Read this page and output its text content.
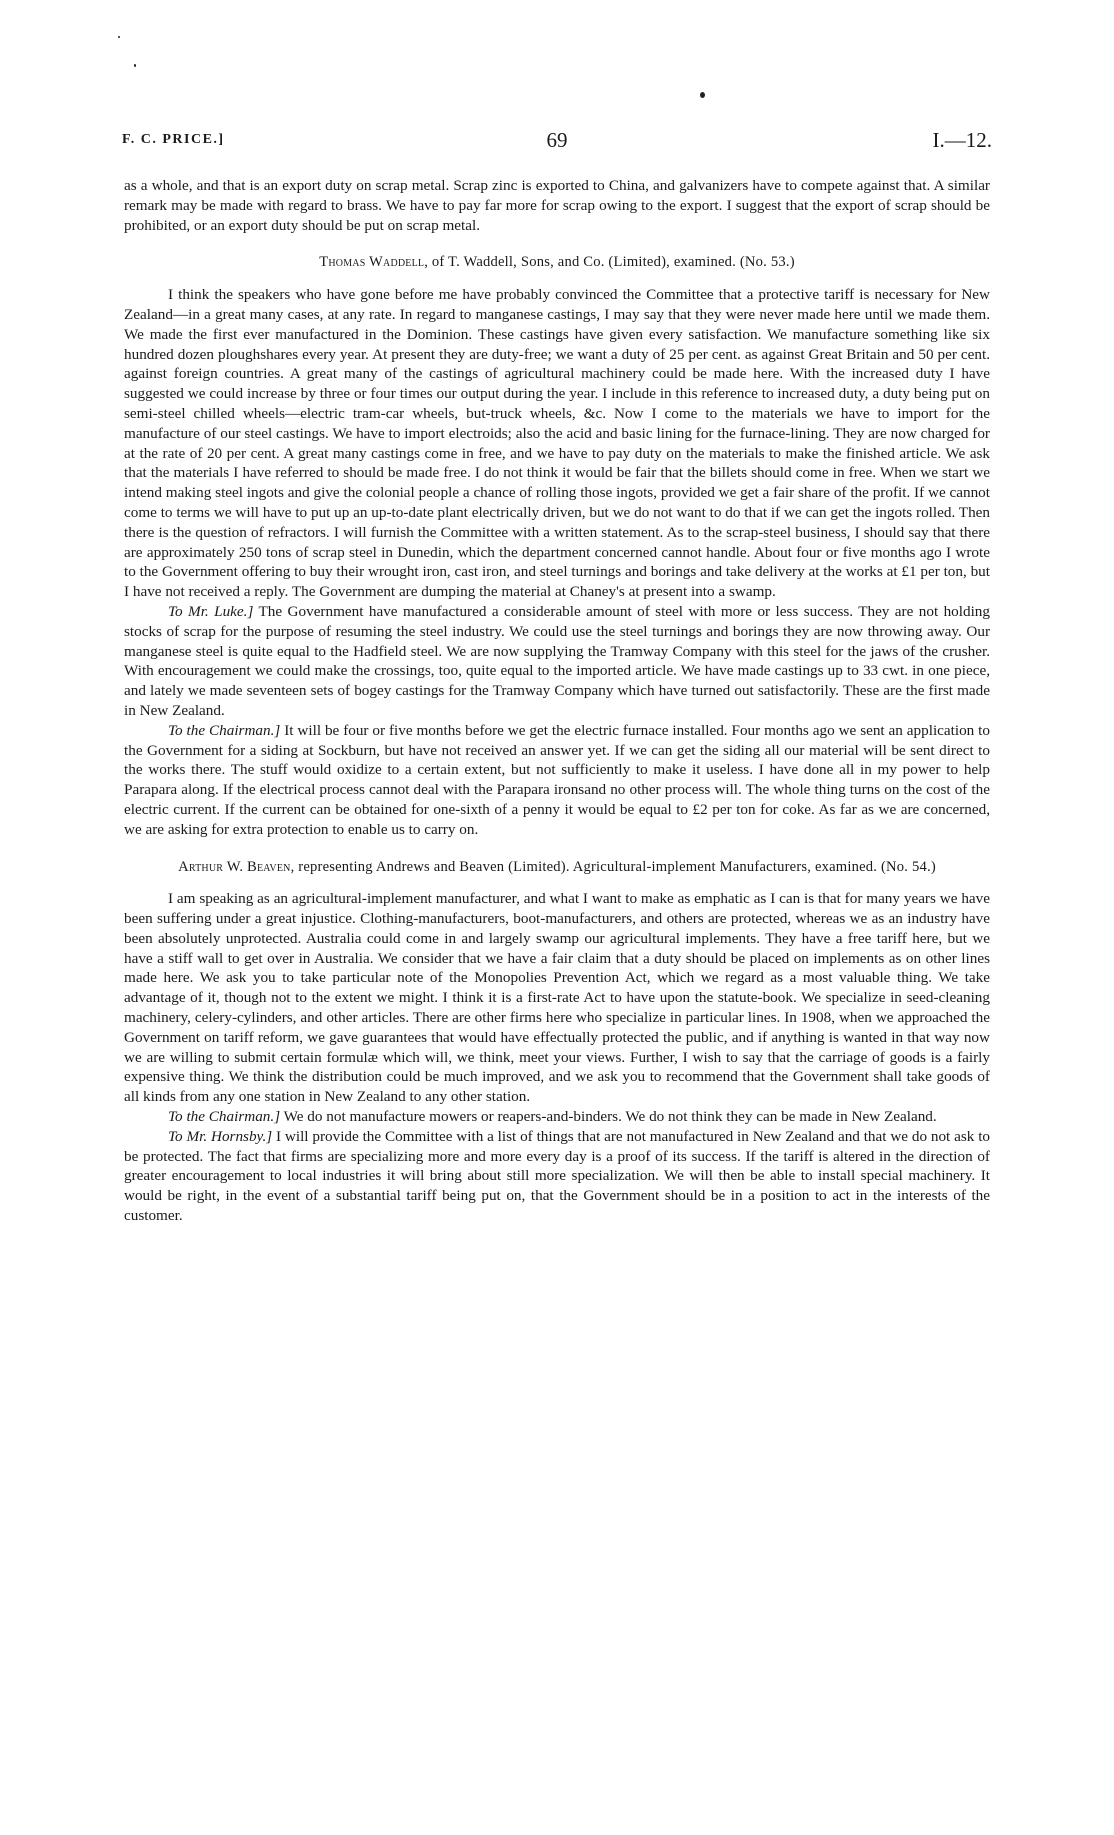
F. C. PRICE.]	69	I.—12.

as a whole, and that is an export duty on scrap metal. Scrap zinc is exported to China, and galvanizers have to compete against that. A similar remark may be made with regard to brass. We have to pay far more for scrap owing to the export. I suggest that the export of scrap should be prohibited, or an export duty should be put on scrap metal.

Thomas Waddell, of T. Waddell, Sons, and Co. (Limited), examined. (No. 53.)

I think the speakers who have gone before me have probably convinced the Committee that a protective tariff is necessary for New Zealand—in a great many cases, at any rate. In regard to manganese castings, I may say that they were never made here until we made them. We made the first ever manufactured in the Dominion. These castings have given every satisfaction. We manufacture something like six hundred dozen ploughshares every year. At present they are duty-free; we want a duty of 25 per cent. as against Great Britain and 50 per cent. against foreign countries. A great many of the castings of agricultural machinery could be made here. With the increased duty I have suggested we could increase by three or four times our output during the year. I include in this reference to increased duty, a duty being put on semi-steel chilled wheels—electric tram-car wheels, but-truck wheels, &c. Now I come to the materials we have to import for the manufacture of our steel castings. We have to import electroids; also the acid and basic lining for the furnace-lining. They are now charged for at the rate of 20 per cent. A great many castings come in free, and we have to pay duty on the materials to make the finished article. We ask that the materials I have referred to should be made free. I do not think it would be fair that the billets should come in free. When we start we intend making steel ingots and give the colonial people a chance of rolling those ingots, provided we get a fair share of the profit. If we cannot come to terms we will have to put up an up-to-date plant electrically driven, but we do not want to do that if we can get the ingots rolled. Then there is the question of refractors. I will furnish the Committee with a written statement. As to the scrap-steel business, I should say that there are approximately 250 tons of scrap steel in Dunedin, which the department concerned cannot handle. About four or five months ago I wrote to the Government offering to buy their wrought iron, cast iron, and steel turnings and borings and take delivery at the works at £1 per ton, but I have not received a reply. The Government are dumping the material at Chaney's at present into a swamp.

To Mr. Luke.] The Government have manufactured a considerable amount of steel with more or less success. They are not holding stocks of scrap for the purpose of resuming the steel industry. We could use the steel turnings and borings they are now throwing away. Our manganese steel is quite equal to the Hadfield steel. We are now supplying the Tramway Company with this steel for the jaws of the crusher. With encouragement we could make the crossings, too, quite equal to the imported article. We have made castings up to 33 cwt. in one piece, and lately we made seventeen sets of bogey castings for the Tramway Company which have turned out satisfactorily. These are the first made in New Zealand.

To the Chairman.] It will be four or five months before we get the electric furnace installed. Four months ago we sent an application to the Government for a siding at Sockburn, but have not received an answer yet. If we can get the siding all our material will be sent direct to the works there. The stuff would oxidize to a certain extent, but not sufficiently to make it useless. I have done all in my power to help Parapara along. If the electrical process cannot deal with the Parapara ironsand no other process will. The whole thing turns on the cost of the electric current. If the current can be obtained for one-sixth of a penny it would be equal to £2 per ton for coke. As far as we are concerned, we are asking for extra protection to enable us to carry on.

Arthur W. Beaven, representing Andrews and Beaven (Limited). Agricultural-implement Manufacturers, examined. (No. 54.)

I am speaking as an agricultural-implement manufacturer, and what I want to make as emphatic as I can is that for many years we have been suffering under a great injustice. Clothing-manufacturers, boot-manufacturers, and others are protected, whereas we as an industry have been absolutely unprotected. Australia could come in and largely swamp our agricultural implements. They have a free tariff here, but we have a stiff wall to get over in Australia. We consider that we have a fair claim that a duty should be placed on implements as on other lines made here. We ask you to take particular note of the Monopolies Prevention Act, which we regard as a most valuable thing. We take advantage of it, though not to the extent we might. I think it is a first-rate Act to have upon the statute-book. We specialize in seed-cleaning machinery, celery-cylinders, and other articles. There are other firms here who specialize in particular lines. In 1908, when we approached the Government on tariff reform, we gave guarantees that would have effectually protected the public, and if anything is wanted in that way now we are willing to submit certain formulæ which will, we think, meet your views. Further, I wish to say that the carriage of goods is a fairly expensive thing. We think the distribution could be much improved, and we ask you to recommend that the Government shall take goods of all kinds from any one station in New Zealand to any other station.

To the Chairman.] We do not manufacture mowers or reapers-and-binders. We do not think they can be made in New Zealand.

To Mr. Hornsby.] I will provide the Committee with a list of things that are not manufactured in New Zealand and that we do not ask to be protected. The fact that firms are specializing more and more every day is a proof of its success. If the tariff is altered in the direction of greater encouragement to local industries it will bring about still more specialization. We will then be able to install special machinery. It would be right, in the event of a substantial tariff being put on, that the Government should be in a position to act in the interests of the customer.
